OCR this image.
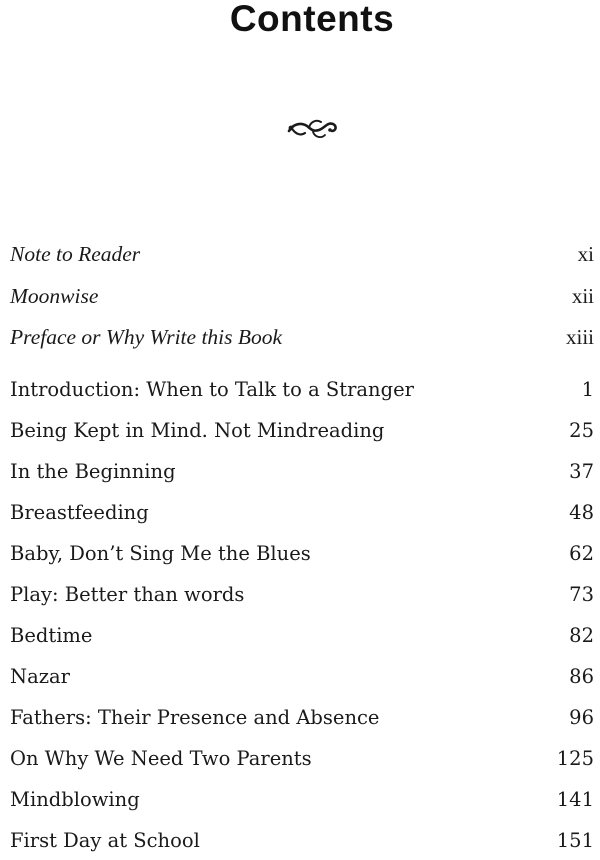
Contents
Note to Reader	xi
Moonwise	xii
Preface or Why Write this Book	xiii
Introduction: When to Talk to a Stranger	1
Being Kept in Mind. Not Mindreading	25
In the Beginning	37
Breastfeeding	48
Baby, Don’t Sing Me the Blues	62
Play: Better than words	73
Bedtime	82
Nazar	86
Fathers: Their Presence and Absence	96
On Why We Need Two Parents	125
Mindblowing	141
First Day at School	151
